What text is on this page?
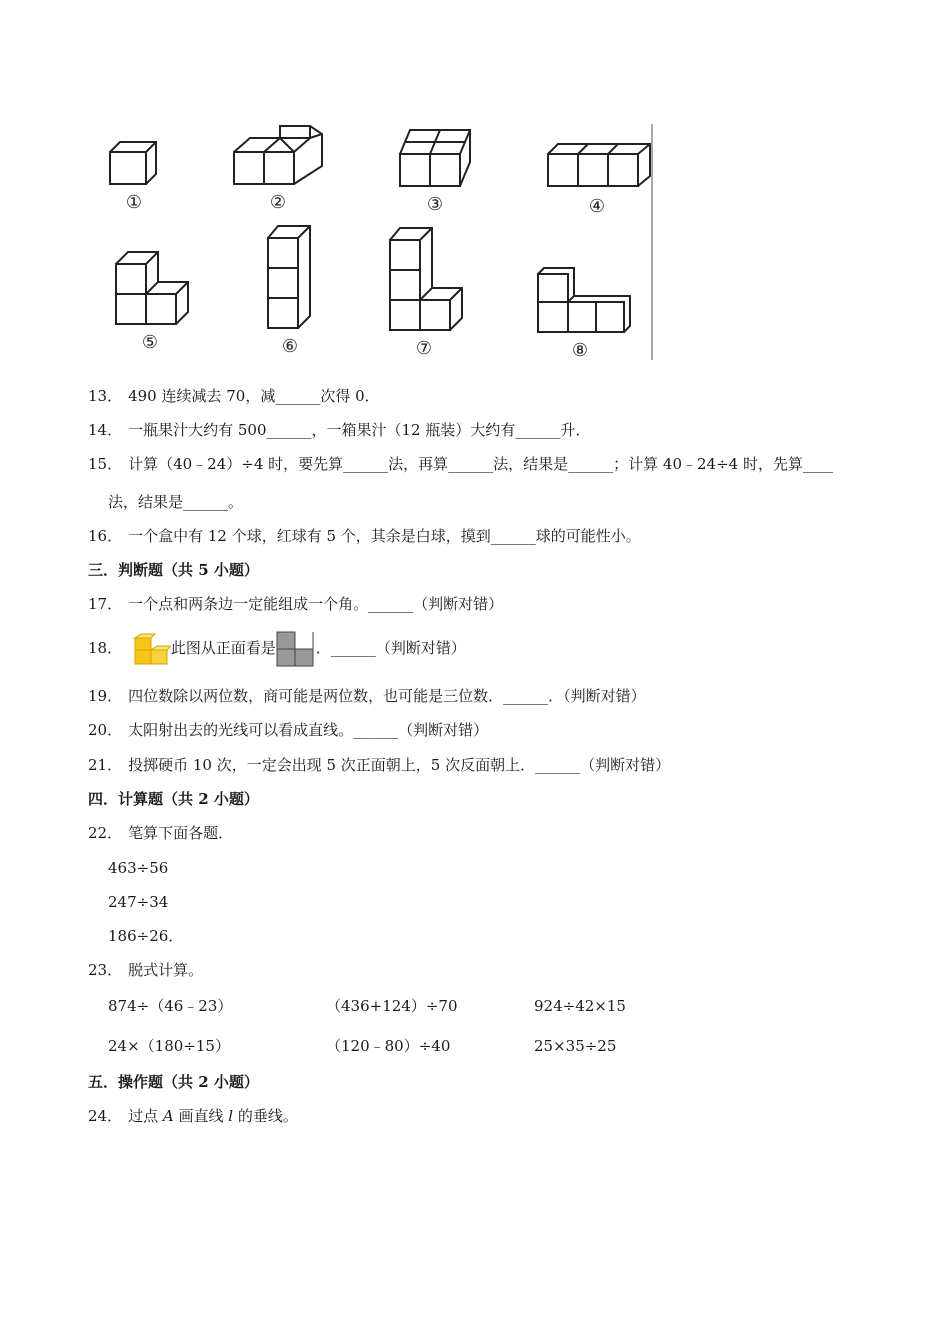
①	②	③	④
⑤	⑥	⑦	⑧
13． 490 连续减去 70，减______次得 0．
14． 一瓶果汁大约有 500______，一箱果汁（12 瓶装）大约有______升．
15． 计算（40﹣24）÷4 时，要先算______法，再算______法，结果是______；计算 40﹣24÷4 时，先算____
法，结果是______。
16． 一个盒中有 12 个球，红球有 5 个，其余是白球，摸到______球的可能性小。
三．判断题（共 5 小题）
17． 一个点和两条边一定能组成一个角。______（判断对错）
18．	此图从正面看是	．______（判断对错）
19． 四位数除以两位数，商可能是两位数，也可能是三位数．______．（判断对错）
20． 太阳射出去的光线可以看成直线。______（判断对错）
21． 投掷硬币 10 次，一定会出现 5 次正面朝上，5 次反面朝上．______（判断对错）
四．计算题（共 2 小题）
22． 笔算下面各题．
463÷56
247÷34
186÷26．
23． 脱式计算。
874÷（46﹣23）	（436+124）÷70	924÷42×15
24×（180÷15）	（120﹣80）÷40	25×35÷25
五．操作题（共 2 小题）
24． 过点 A 画直线 l 的垂线。
